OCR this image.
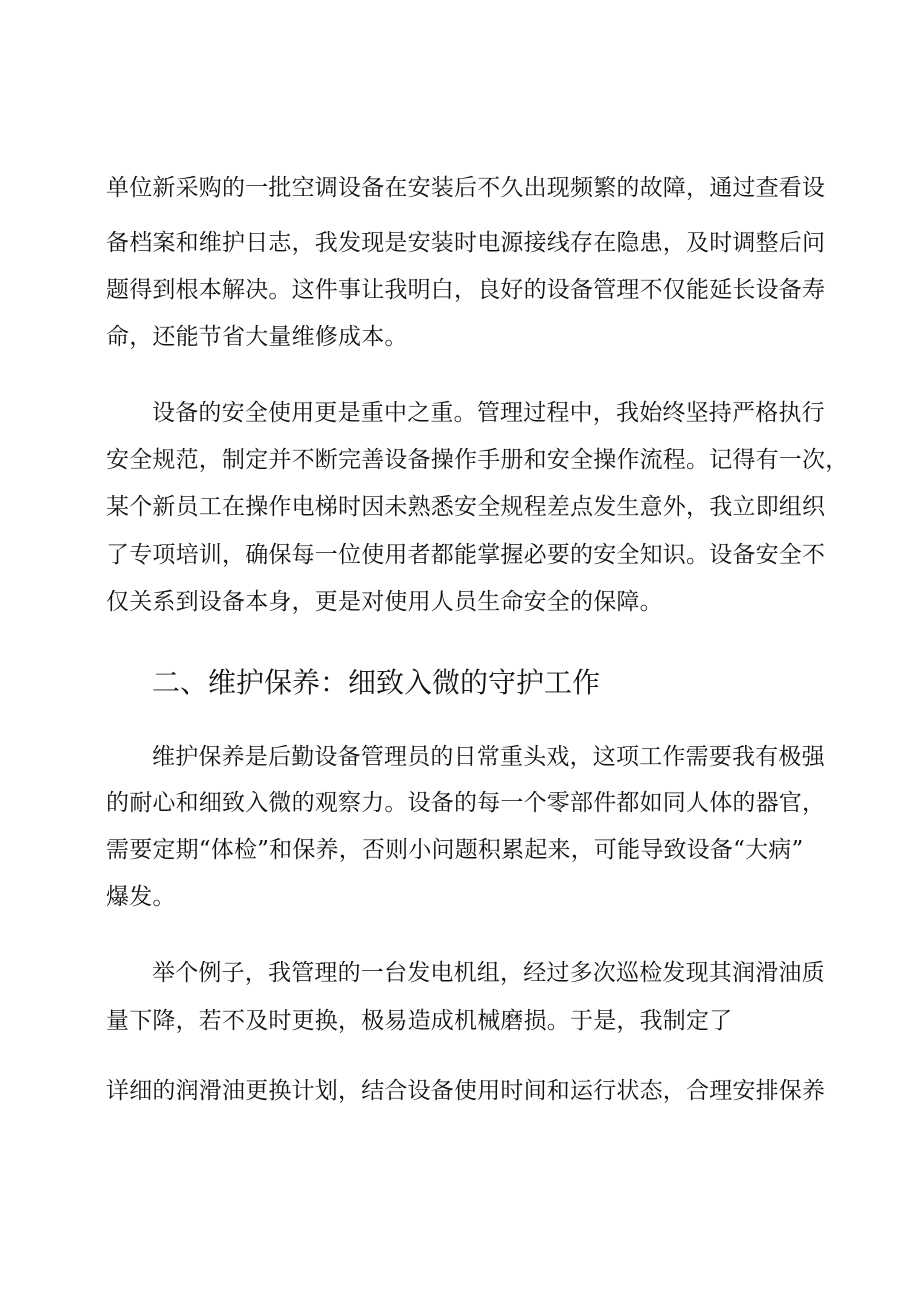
单位新采购的一批空调设备在安装后不久出现频繁的故障，通过查看设
备档案和维护日志，我发现是安装时电源接线存在隐患，及时调整后问
题得到根本解决。这件事让我明白，良好的设备管理不仅能延长设备寿
命，还能节省大量维修成本。
设备的安全使用更是重中之重。管理过程中，我始终坚持严格执行
安全规范，制定并不断完善设备操作手册和安全操作流程。记得有一次，
某个新员工在操作电梯时因未熟悉安全规程差点发生意外，我立即组织
了专项培训，确保每一位使用者都能掌握必要的安全知识。设备安全不
仅关系到设备本身，更是对使用人员生命安全的保障。
二、维护保养：细致入微的守护工作
维护保养是后勤设备管理员的日常重头戏，这项工作需要我有极强
的耐心和细致入微的观察力。设备的每一个零部件都如同人体的器官，
需要定期“体检”和保养，否则小问题积累起来，可能导致设备“大病”
爆发。
举个例子，我管理的一台发电机组，经过多次巡检发现其润滑油质
量下降，若不及时更换，极易造成机械磨损。于是，我制定了
详细的润滑油更换计划，结合设备使用时间和运行状态，合理安排保养
